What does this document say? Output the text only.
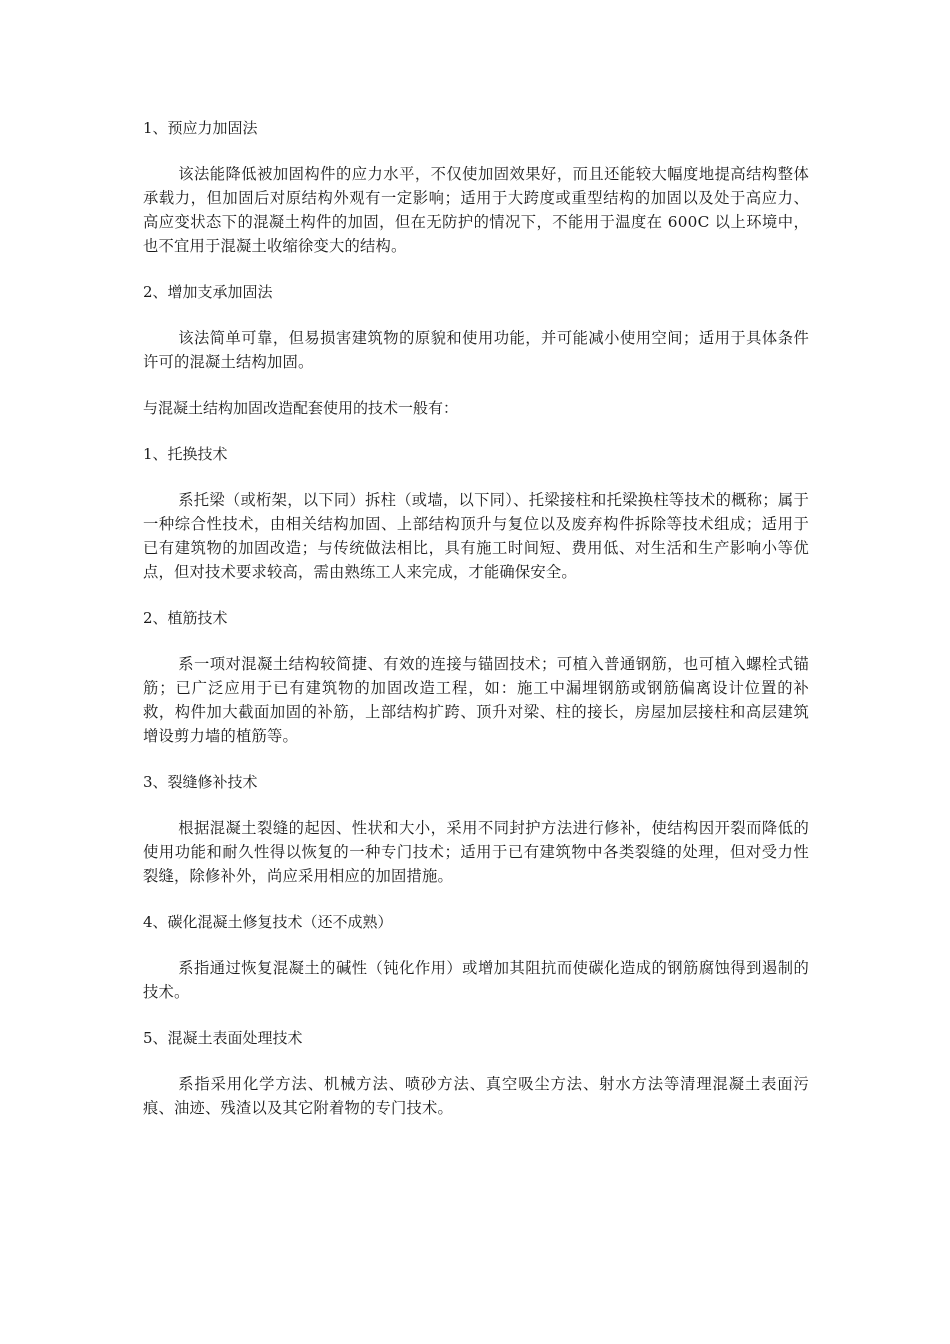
1、预应力加固法

该法能降低被加固构件的应力水平，不仅使加固效果好，而且还能较大幅度地提高结构整体承载力，但加固后对原结构外观有一定影响；适用于大跨度或重型结构的加固以及处于高应力、高应变状态下的混凝土构件的加固，但在无防护的情况下，不能用于温度在 600C 以上环境中，也不宜用于混凝土收缩徐变大的结构。

2、增加支承加固法

该法简单可靠，但易损害建筑物的原貌和使用功能，并可能减小使用空间；适用于具体条件许可的混凝土结构加固。

与混凝土结构加固改造配套使用的技术一般有：
1、托换技术

系托梁（或桁架，以下同）拆柱（或墙，以下同）、托梁接柱和托梁换柱等技术的概称；属于一种综合性技术，由相关结构加固、上部结构顶升与复位以及废弃构件拆除等技术组成；适用于已有建筑物的加固改造；与传统做法相比，具有施工时间短、费用低、对生活和生产影响小等优点，但对技术要求较高，需由熟练工人来完成，才能确保安全。

2、植筋技术

系一项对混凝土结构较简捷、有效的连接与锚固技术；可植入普通钢筋，也可植入螺栓式锚筋；已广泛应用于已有建筑物的加固改造工程，如：施工中漏埋钢筋或钢筋偏离设计位置的补救，构件加大截面加固的补筋，上部结构扩跨、顶升对梁、柱的接长，房屋加层接柱和高层建筑增设剪力墙的植筋等。

3、裂缝修补技术

根据混凝土裂缝的起因、性状和大小，采用不同封护方法进行修补，使结构因开裂而降低的使用功能和耐久性得以恢复的一种专门技术；适用于已有建筑物中各类裂缝的处理，但对受力性裂缝，除修补外，尚应采用相应的加固措施。

4、碳化混凝土修复技术（还不成熟）

系指通过恢复混凝土的碱性（钝化作用）或增加其阻抗而使碳化造成的钢筋腐蚀得到遏制的技术。

5、混凝土表面处理技术

系指采用化学方法、机械方法、喷砂方法、真空吸尘方法、射水方法等清理混凝土表面污痕、油迹、残渣以及其它附着物的专门技术。
